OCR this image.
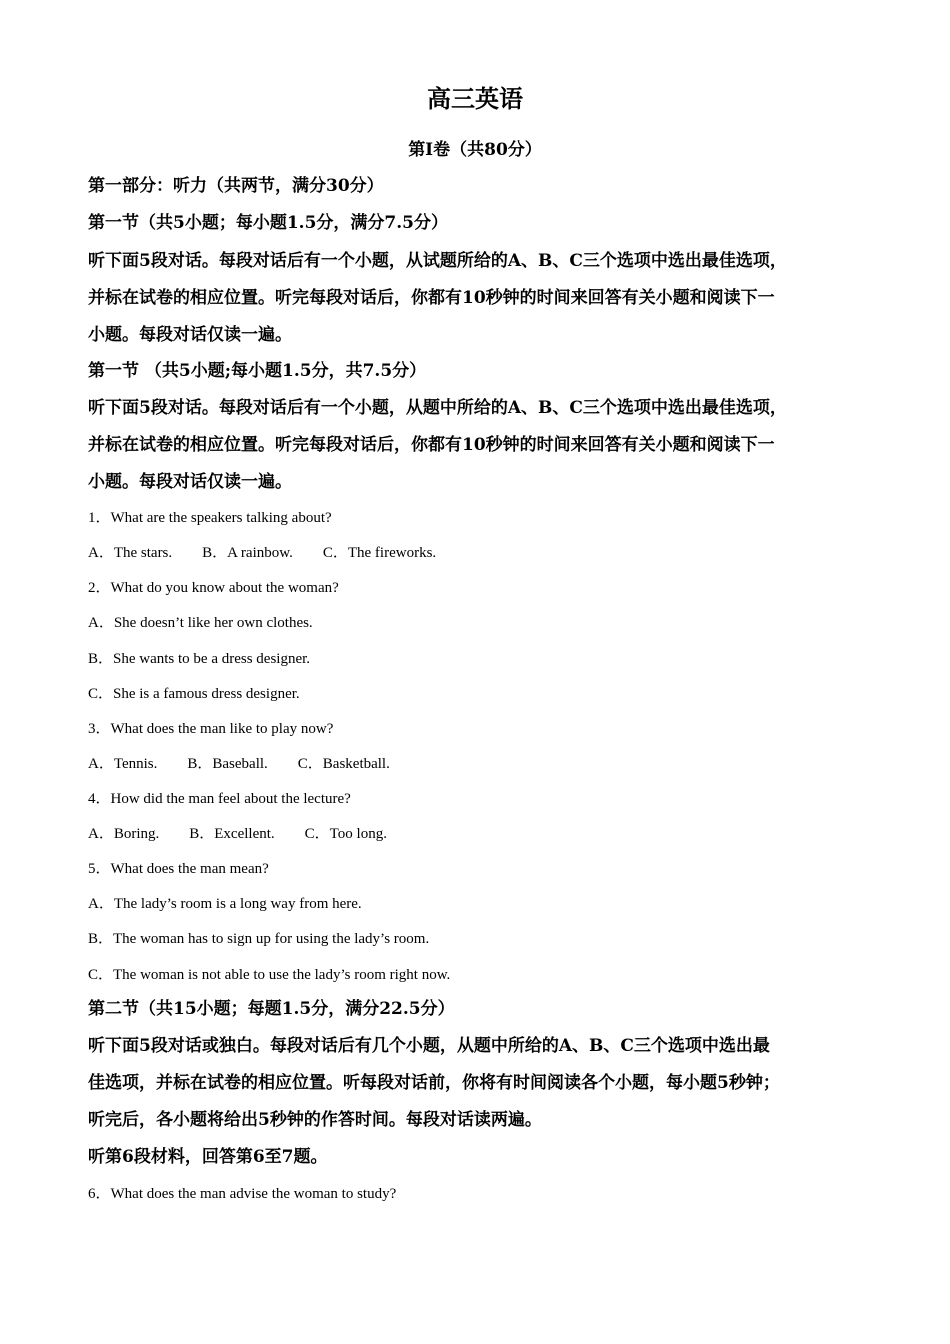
高三英语
第I卷（共80分）
第一部分：听力（共两节，满分30分）
第一节（共5小题；每小题1.5分，满分7.5分）
听下面5段对话。每段对话后有一个小题，从试题所给的A、B、C三个选项中选出最佳选项，
并标在试卷的相应位置。听完每段对话后，你都有10秒钟的时间来回答有关小题和阅读下一
小题。每段对话仅读一遍。
第一节 （共5小题;每小题1.5分，共7.5分）
听下面5段对话。每段对话后有一个小题，从题中所给的A、B、C三个选项中选出最佳选项，
并标在试卷的相应位置。听完每段对话后，你都有10秒钟的时间来回答有关小题和阅读下一
小题。每段对话仅读一遍。
1．What are the speakers talking about?
A．The stars. B．A rainbow. C．The fireworks.
2．What do you know about the woman?
A．She doesn’t like her own clothes.
B．She wants to be a dress designer.
C．She is a famous dress designer.
3．What does the man like to play now?
A．Tennis. B．Baseball. C．Basketball.
4．How did the man feel about the lecture?
A．Boring. B．Excellent. C．Too long.
5．What does the man mean?
A．The lady’s room is a long way from here.
B．The woman has to sign up for using the lady’s room.
C．The woman is not able to use the lady’s room right now.
第二节（共15小题；每题1.5分，满分22.5分）
听下面5段对话或独白。每段对话后有几个小题，从题中所给的A、B、C三个选项中选出最
佳选项，并标在试卷的相应位置。听每段对话前，你将有时间阅读各个小题，每小题5秒钟；
听完后，各小题将给出5秒钟的作答时间。每段对话读两遍。
听第6段材料，回答第6至7题。
6．What does the man advise the woman to study?
